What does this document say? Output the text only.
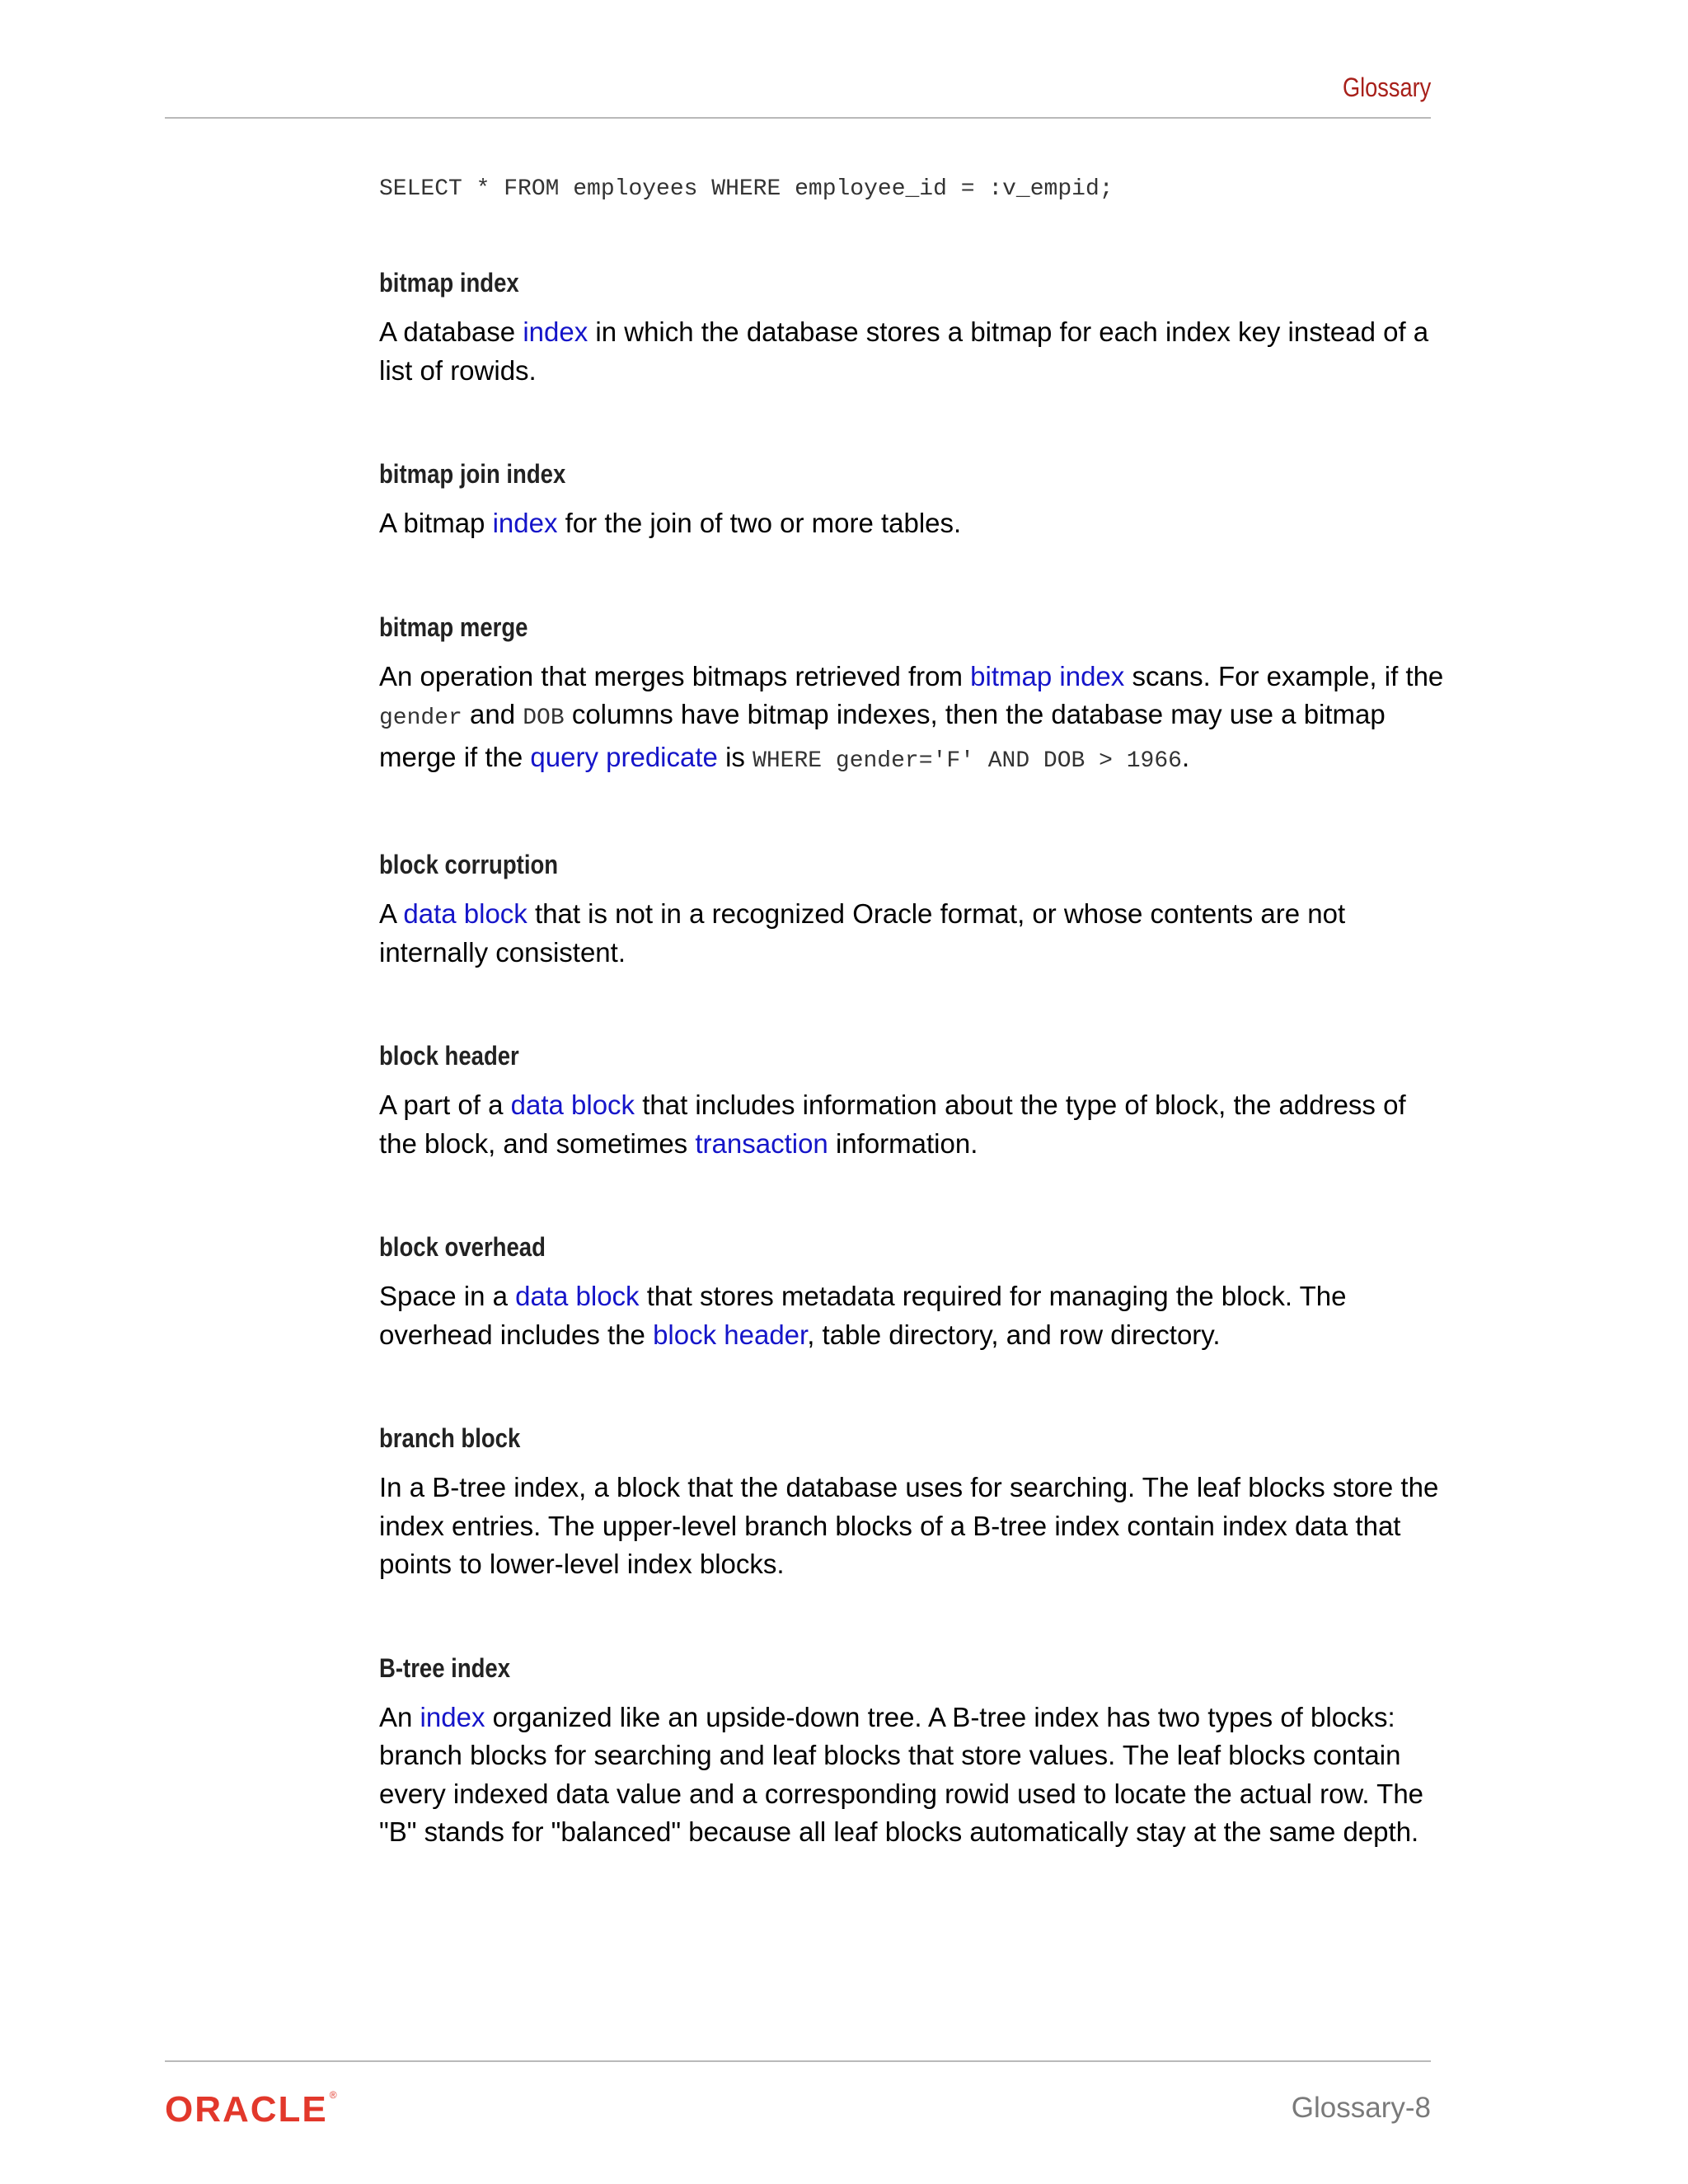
Glossary
SELECT * FROM employees WHERE employee_id = :v_empid;
bitmap index

A database index in which the database stores a bitmap for each index key instead of a list of rowids.

bitmap join index

A bitmap index for the join of two or more tables.

bitmap merge

An operation that merges bitmaps retrieved from bitmap index scans. For example, if the gender and DOB columns have bitmap indexes, then the database may use a bitmap merge if the query predicate is WHERE gender='F' AND DOB > 1966.

block corruption

A data block that is not in a recognized Oracle format, or whose contents are not internally consistent.

block header

A part of a data block that includes information about the type of block, the address of the block, and sometimes transaction information.

block overhead

Space in a data block that stores metadata required for managing the block. The overhead includes the block header, table directory, and row directory.

branch block

In a B-tree index, a block that the database uses for searching. The leaf blocks store the index entries. The upper-level branch blocks of a B-tree index contain index data that points to lower-level index blocks.

B-tree index

An index organized like an upside-down tree. A B-tree index has two types of blocks: branch blocks for searching and leaf blocks that store values. The leaf blocks contain every indexed data value and a corresponding rowid used to locate the actual row. The "B" stands for "balanced" because all leaf blocks automatically stay at the same depth.

ORACLE ®	Glossary-8
